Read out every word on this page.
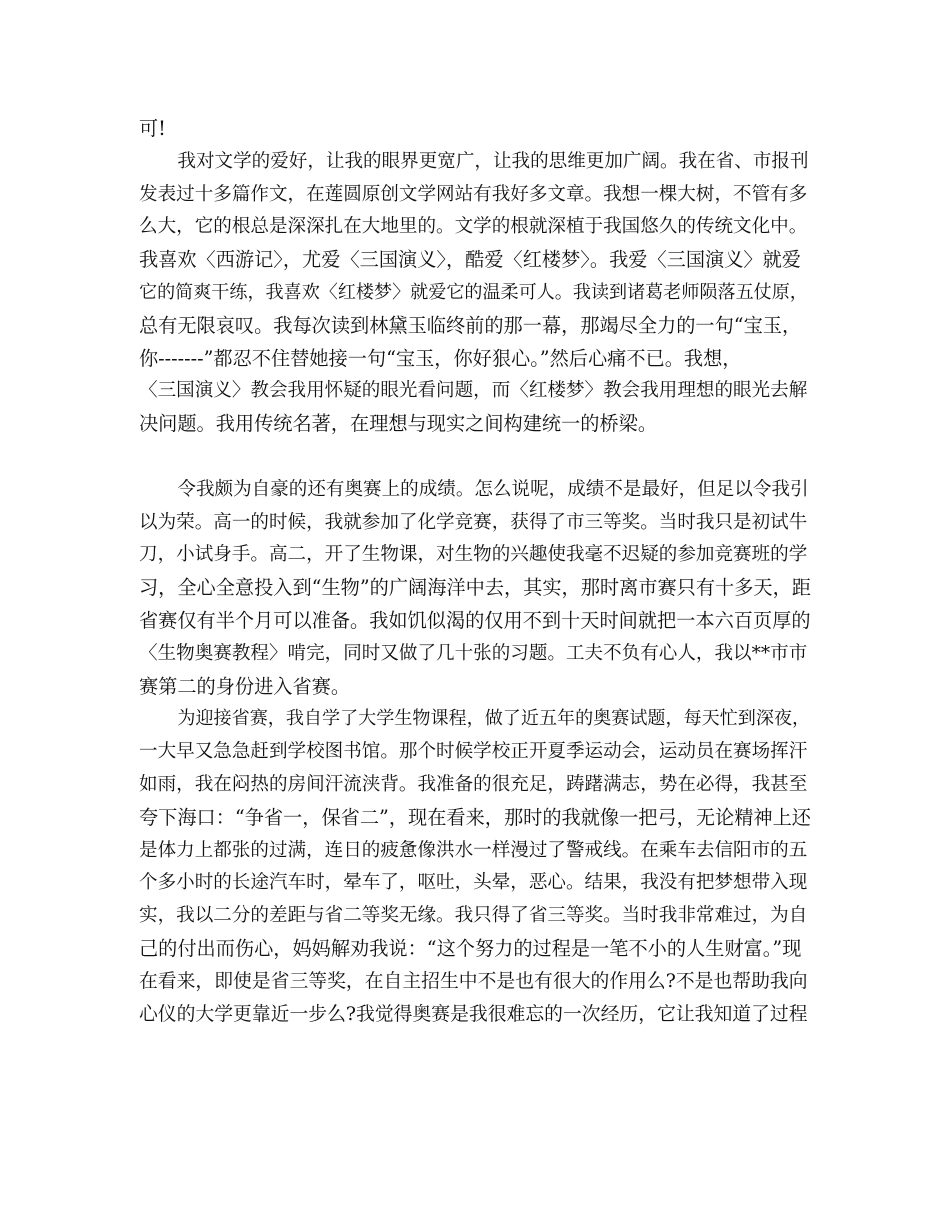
可!
我对文学的爱好，让我的眼界更宽广，让我的思维更加广阔。我在省、市报刊
发表过十多篇作文，在莲圆原创文学网站有我好多文章。我想一棵大树，不管有多
么大，它的根总是深深扎在大地里的。文学的根就深植于我国悠久的传统文化中。
我喜欢〈西游记〉，尤爱〈三国演义〉，酷爱〈红楼梦〉。我爱〈三国演义〉就爱
它的简爽干练，我喜欢〈红楼梦〉就爱它的温柔可人。我读到诸葛老师陨落五仗原，
总有无限哀叹。我每次读到林黛玉临终前的那一幕，那竭尽全力的一句“宝玉，
你-------”都忍不住替她接一句“宝玉，你好狠心。”然后心痛不已。我想，
〈三国演义〉教会我用怀疑的眼光看问题，而〈红楼梦〉教会我用理想的眼光去解
决问题。我用传统名著，在理想与现实之间构建统一的桥梁。
令我颇为自豪的还有奥赛上的成绩。怎么说呢，成绩不是最好，但足以令我引
以为荣。高一的时候，我就参加了化学竞赛，获得了市三等奖。当时我只是初试牛
刀，小试身手。高二，开了生物课，对生物的兴趣使我毫不迟疑的参加竞赛班的学
习，全心全意投入到“生物”的广阔海洋中去，其实，那时离市赛只有十多天，距
省赛仅有半个月可以准备。我如饥似渴的仅用不到十天时间就把一本六百页厚的
〈生物奥赛教程〉啃完，同时又做了几十张的习题。工夫不负有心人，我以**市市
赛第二的身份进入省赛。
为迎接省赛，我自学了大学生物课程，做了近五年的奥赛试题，每天忙到深夜，
一大早又急急赶到学校图书馆。那个时候学校正开夏季运动会，运动员在赛场挥汗
如雨，我在闷热的房间汗流浃背。我准备的很充足，踌躇满志，势在必得，我甚至
夸下海口：“争省一，保省二”，现在看来，那时的我就像一把弓，无论精神上还
是体力上都张的过满，连日的疲惫像洪水一样漫过了警戒线。在乘车去信阳市的五
个多小时的长途汽车时，晕车了，呕吐，头晕，恶心。结果，我没有把梦想带入现
实，我以二分的差距与省二等奖无缘。我只得了省三等奖。当时我非常难过，为自
己的付出而伤心，妈妈解劝我说：“这个努力的过程是一笔不小的人生财富。”现
在看来，即使是省三等奖，在自主招生中不是也有很大的作用么?不是也帮助我向
心仪的大学更靠近一步么?我觉得奥赛是我很难忘的一次经历，它让我知道了过程
